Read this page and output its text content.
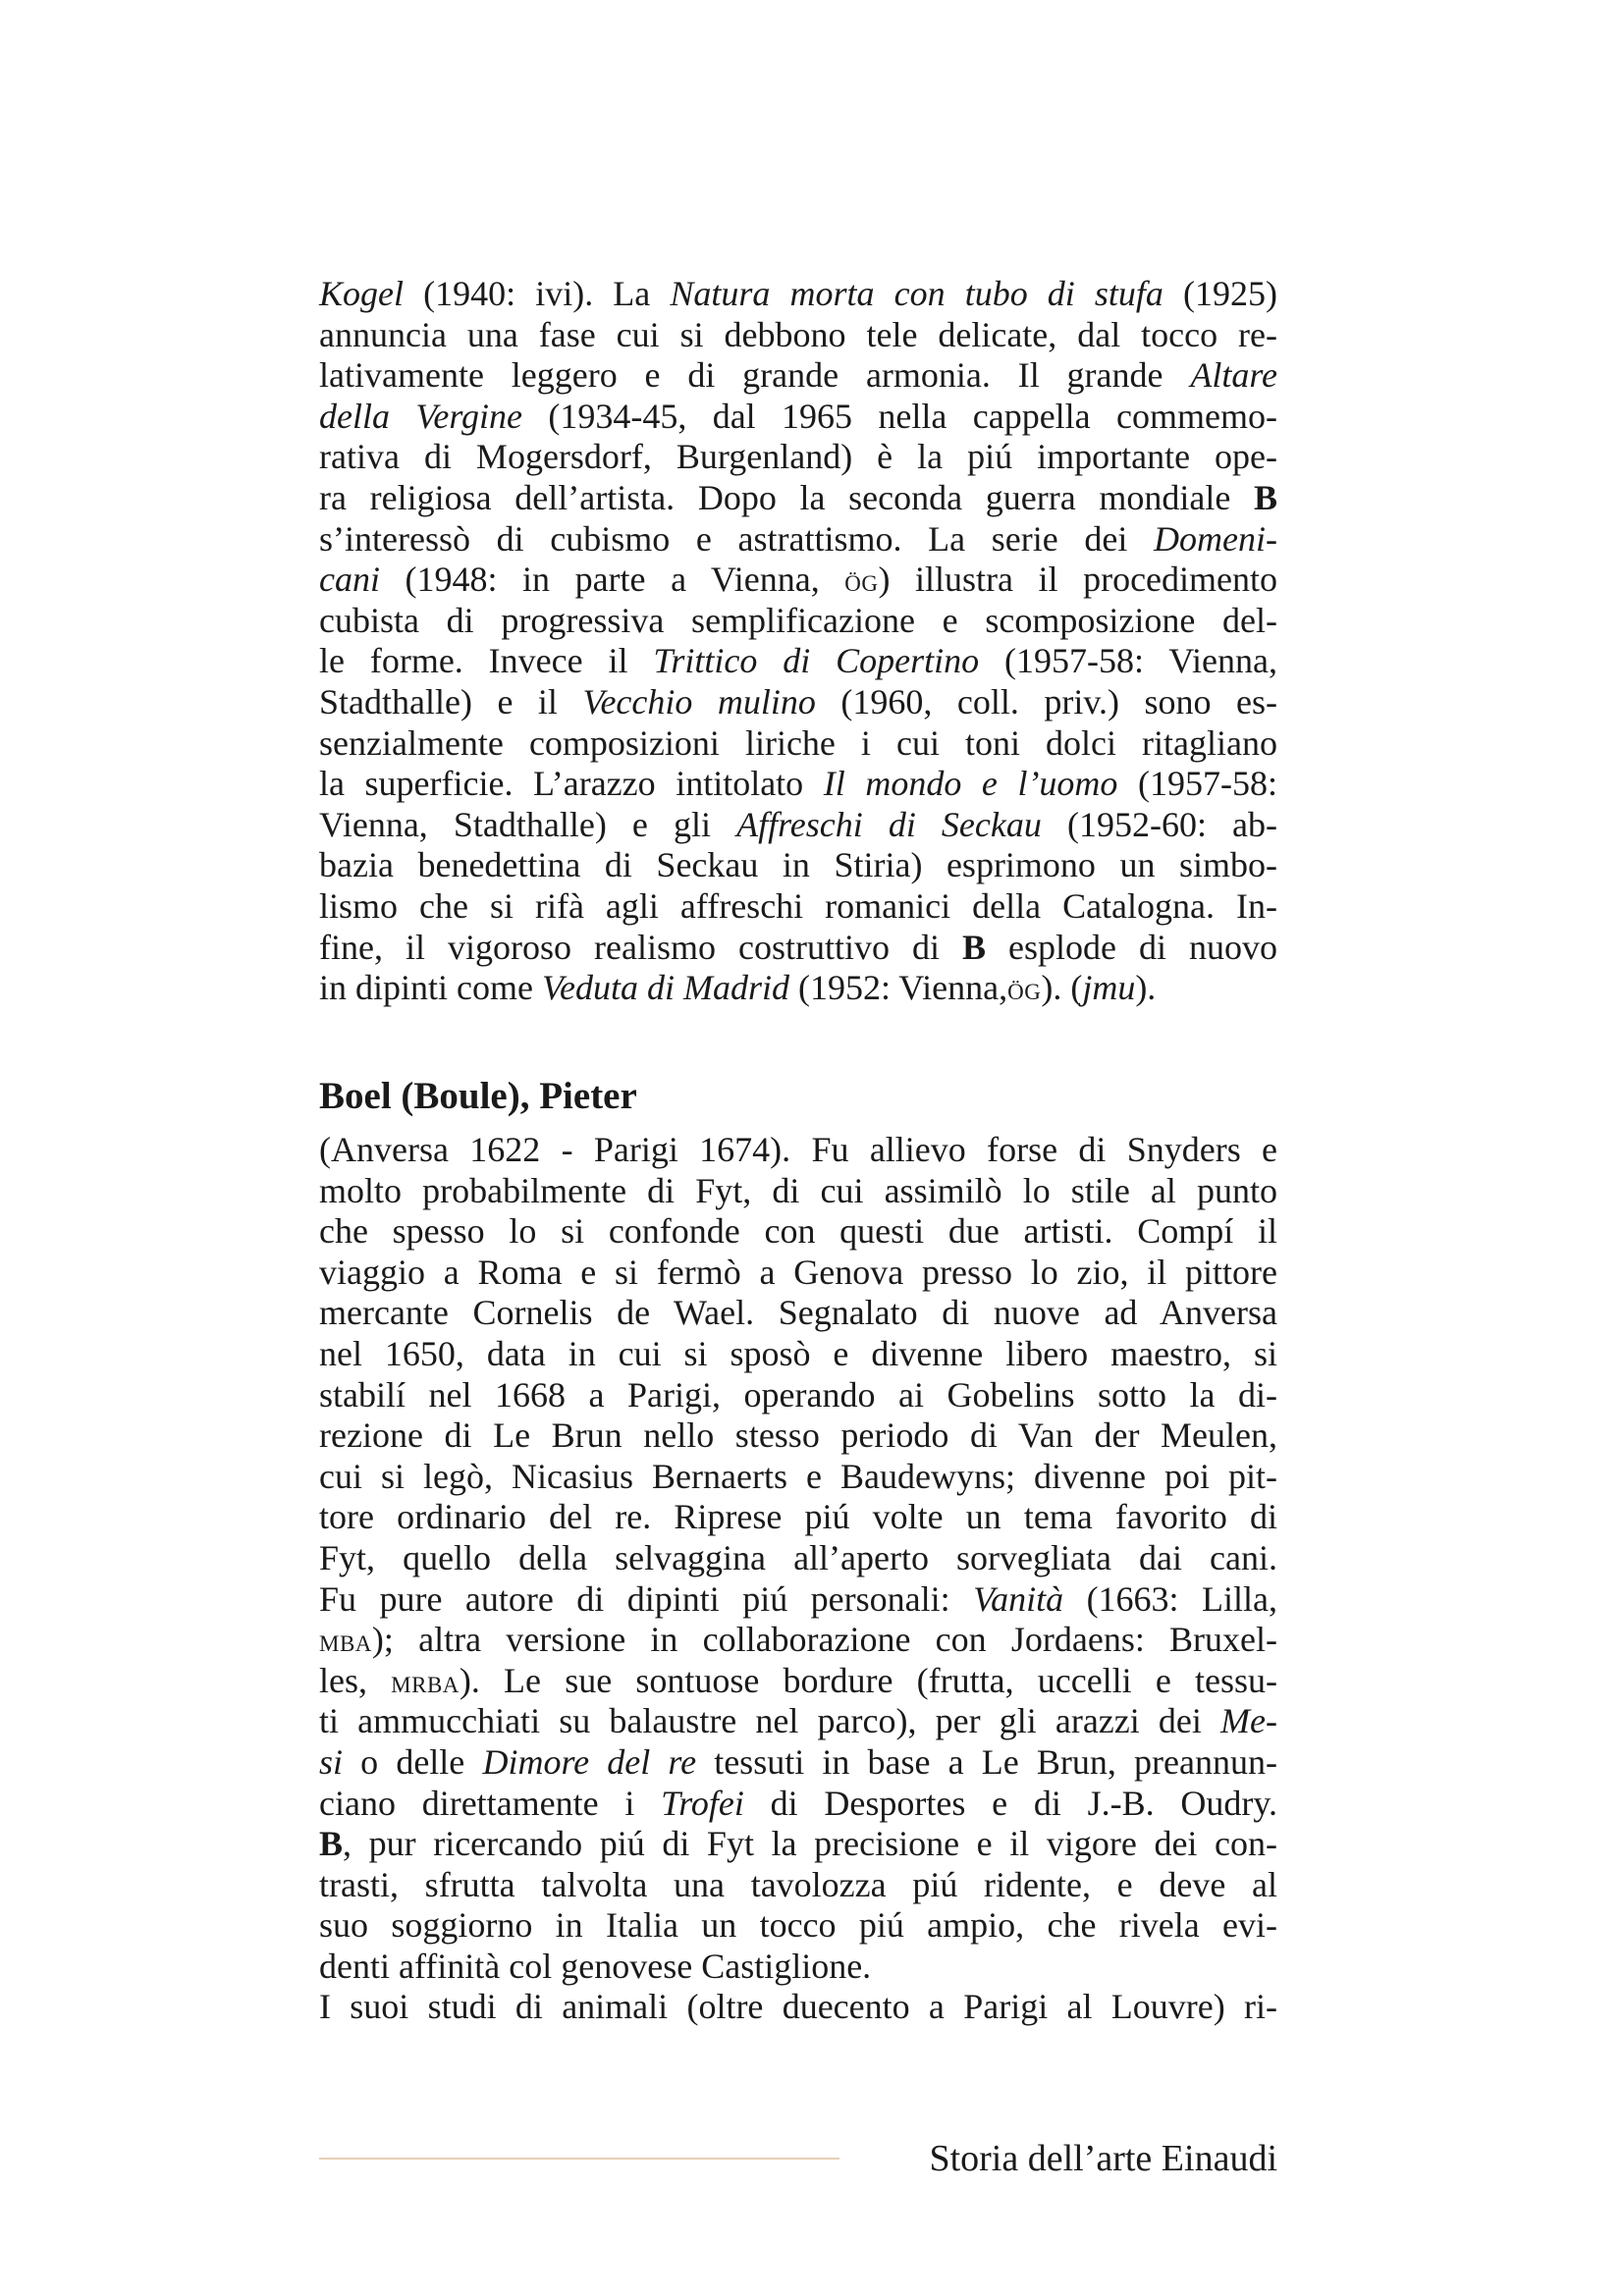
Kogel (1940: ivi). La Natura morta con tubo di stufa (1925)
annuncia una fase cui si debbono tele delicate, dal tocco re-
lativamente leggero e di grande armonia. Il grande Altare
della Vergine (1934-45, dal 1965 nella cappella commemo-
rativa di Mogersdorf, Burgenland) è la piú importante ope-
ra religiosa dell’artista. Dopo la seconda guerra mondiale B
s’interessò di cubismo e astrattismo. La serie dei Domeni-
cani (1948: in parte a Vienna, ög) illustra il procedimento
cubista di progressiva semplificazione e scomposizione del-
le forme. Invece il Trittico di Copertino (1957-58: Vienna,
Stadthalle) e il Vecchio mulino (1960, coll. priv.) sono es-
senzialmente composizioni liriche i cui toni dolci ritagliano
la superficie. L’arazzo intitolato Il mondo e l’uomo (1957-58:
Vienna, Stadthalle) e gli Affreschi di Seckau (1952-60: ab-
bazia benedettina di Seckau in Stiria) esprimono un simbo-
lismo che si rifà agli affreschi romanici della Catalogna. In-
fine, il vigoroso realismo costruttivo di B esplode di nuovo
in dipinti come Veduta di Madrid (1952: Vienna,ög). (jmu).
Boel (Boule), Pieter
(Anversa 1622 - Parigi 1674). Fu allievo forse di Snyders e
molto probabilmente di Fyt, di cui assimilò lo stile al punto
che spesso lo si confonde con questi due artisti. Compí il
viaggio a Roma e si fermò a Genova presso lo zio, il pittore
mercante Cornelis de Wael. Segnalato di nuove ad Anversa
nel 1650, data in cui si sposò e divenne libero maestro, si
stabilí nel 1668 a Parigi, operando ai Gobelins sotto la di-
rezione di Le Brun nello stesso periodo di Van der Meulen,
cui si legò, Nicasius Bernaerts e Baudewyns; divenne poi pit-
tore ordinario del re. Riprese piú volte un tema favorito di
Fyt, quello della selvaggina all’aperto sorvegliata dai cani.
Fu pure autore di dipinti piú personali: Vanità (1663: Lilla,
mba); altra versione in collaborazione con Jordaens: Bruxel-
les, mrba). Le sue sontuose bordure (frutta, uccelli e tessu-
ti ammucchiati su balaustre nel parco), per gli arazzi dei Me-
si o delle Dimore del re tessuti in base a Le Brun, preannun-
ciano direttamente i Trofei di Desportes e di J.-B. Oudry.
B, pur ricercando piú di Fyt la precisione e il vigore dei con-
trasti, sfrutta talvolta una tavolozza piú ridente, e deve al
suo soggiorno in Italia un tocco piú ampio, che rivela evi-
denti affinità col genovese Castiglione.
I suoi studi di animali (oltre duecento a Parigi al Louvre) ri-
Storia dell’arte Einaudi
